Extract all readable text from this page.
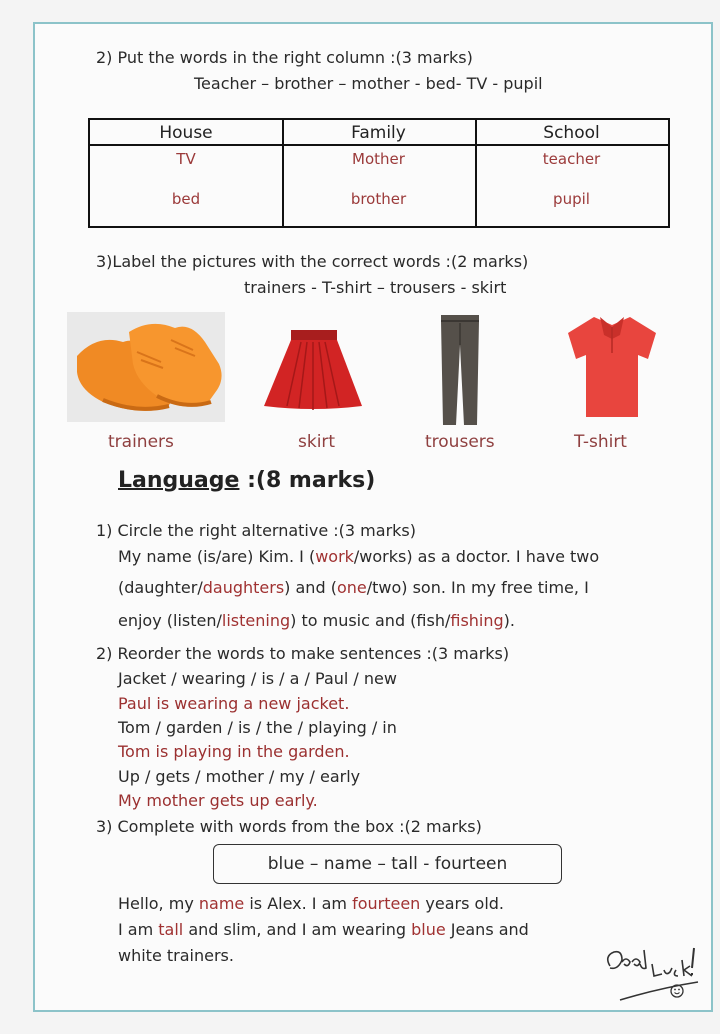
2) Put the words in the right column :(3 marks)
Teacher – brother – mother - bed- TV - pupil
House	Family	School
TV	Mother	teacher
bed	brother	pupil
3)Label the pictures with the correct words :(2 marks)
trainers - T-shirt – trousers - skirt
trainers	skirt	trousers	T-shirt
Language :(8 marks)
1) Circle the right alternative :(3 marks)
My name (is/are) Kim. I (work/works) as a doctor. I have two
(daughter/daughters) and (one/two) son. In my free time, I
enjoy (listen/listening) to music and (fish/fishing).
2) Reorder the words to make sentences :(3 marks)
Jacket / wearing / is / a / Paul / new
Paul is wearing a new jacket.
Tom / garden / is / the / playing / in
Tom is playing in the garden.
Up / gets / mother / my / early
My mother gets up early.
3) Complete with words from the box :(2 marks)
blue – name – tall - fourteen
Hello, my name is Alex. I am fourteen years old.
I am tall and slim, and I am wearing blue Jeans and
white trainers.
